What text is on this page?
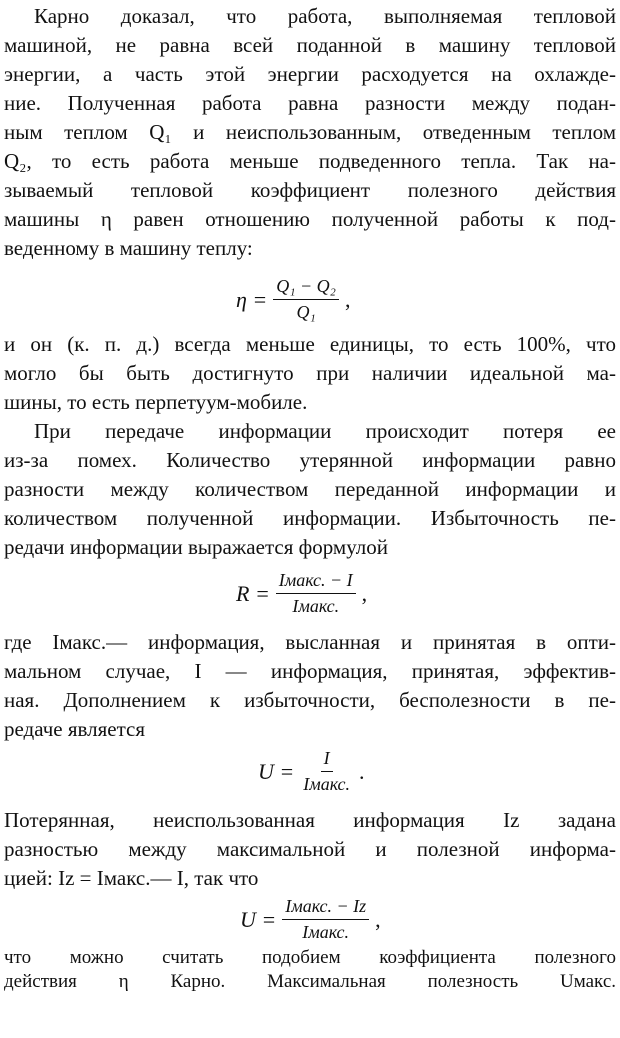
Карно доказал, что работа, выполняемая тепловой
машиной, не равна всей поданной в машину тепловой
энергии, а часть этой энергии расходуется на охлажде-
ние. Полученная работа равна разности между подан-
ным теплом Q₁ и неиспользованным, отведенным теплом
Q₂, то есть работа меньше подведенного тепла. Так на-
зываемый тепловой коэффициент полезного действия
машины η равен отношению полученной работы к под-
веденному в машину теплу:
$\eta = \frac{\text{Q₁ − Q₂}}{\text{Q₁}}$ ,
и он (к. п. д.) всегда меньше единицы, то есть 100%, что
могло бы быть достигнуто при наличии идеальной ма-
шины, то есть перпетуум-мобиле.
При передаче информации происходит потеря ее
из-за помех. Количество утерянной информации равно
разности между количеством переданной информации и
количеством полученной информации. Избыточность пе-
редачи информации выражается формулой
$R = \frac{\text{Iмакс. − I}}{\text{Iмакс.}}$ ,
где Iмакс.— информация, высланная и принятая в опти-
мальном случае, I — информация, принятая, эффектив-
ная. Дополнением к избыточности, бесполезности в пе-
редаче является
$U = \frac{I}{\text{Iмакс.}}$ .
Потерянная, неиспользованная информация Iz задана
разностью между максимальной и полезной информа-
цией: Iz = Iмакс.— I, так что
$U = \frac{\text{Iмакс. − Iz}}{\text{Iмакс.}}$ ,
что можно считать подобием коэффициента полезного
действия η Карно. Максимальная полезность Uмакс.
